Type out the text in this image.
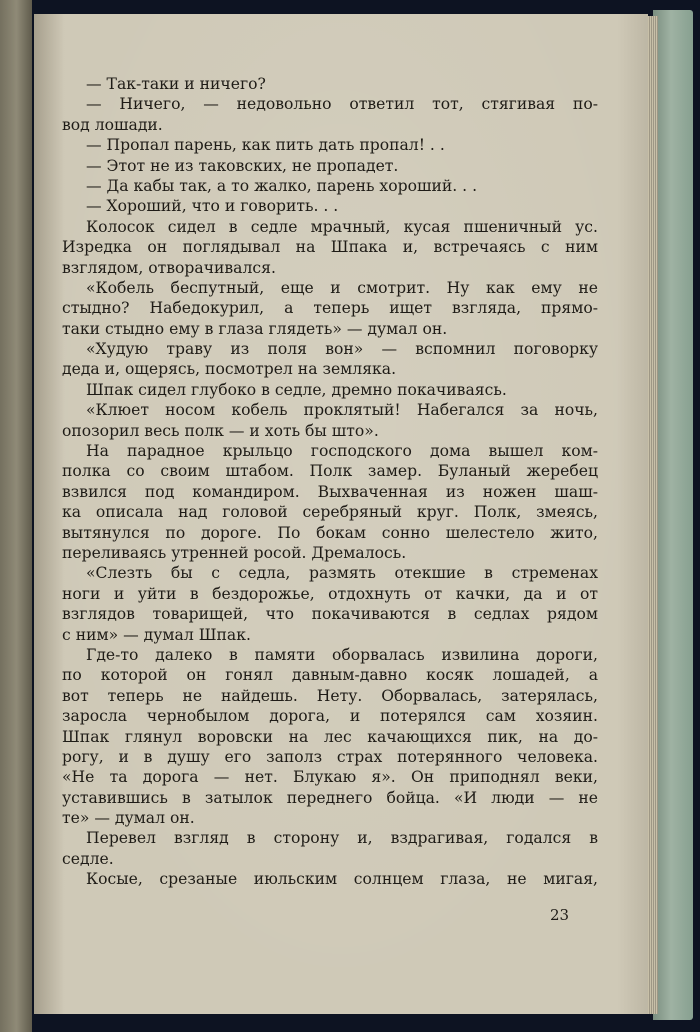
— Так-таки и ничего?
— Ничего, — недовольно ответил тот, стягивая по-
вод лошади.
— Пропал парень, как пить дать пропал! . .
— Этот не из таковских, не пропадет.
— Да кабы так, а то жалко, парень хороший. . .
— Хороший, что и говорить. . .
Колосок сидел в седле мрачный, кусая пшеничный ус.
Изредка он поглядывал на Шпака и, встречаясь с ним
взглядом, отворачивался.
«Кобель беспутный, еще и смотрит. Ну как ему не
стыдно? Набедокурил, а теперь ищет взгляда, прямо-
таки стыдно ему в глаза глядеть» — думал он.
«Худую траву из поля вон» — вспомнил поговорку
деда и, ощерясь, посмотрел на земляка.
Шпак сидел глубоко в седле, дремно покачиваясь.
«Клюет носом кобель проклятый! Набегался за ночь,
опозорил весь полк — и хоть бы што».
На парадное крыльцо господского дома вышел ком-
полка со своим штабом. Полк замер. Буланый жеребец
взвился под командиром. Выхваченная из ножен шаш-
ка описала над головой серебряный круг. Полк, змеясь,
вытянулся по дороге. По бокам сонно шелестело жито,
переливаясь утренней росой. Дремалось.
«Слезть бы с седла, размять отекшие в стременах
ноги и уйти в бездорожье, отдохнуть от качки, да и от
взглядов товарищей, что покачиваются в седлах рядом
с ним» — думал Шпак.
Где-то далеко в памяти оборвалась извилина дороги,
по которой он гонял давным-давно косяк лошадей, а
вот теперь не найдешь. Нету. Оборвалась, затерялась,
заросла чернобылом дорога, и потерялся сам хозяин.
Шпак глянул воровски на лес качающихся пик, на до-
рогу, и в душу его заполз страх потерянного человека.
«Не та дорога — нет. Блукаю я». Он приподнял веки,
уставившись в затылок переднего бойца. «И люди — не
те» — думал он.
Перевел взгляд в сторону и, вздрагивая, годался в
седле.
Косые, срезаные июльским солнцем глаза, не мигая,
23
